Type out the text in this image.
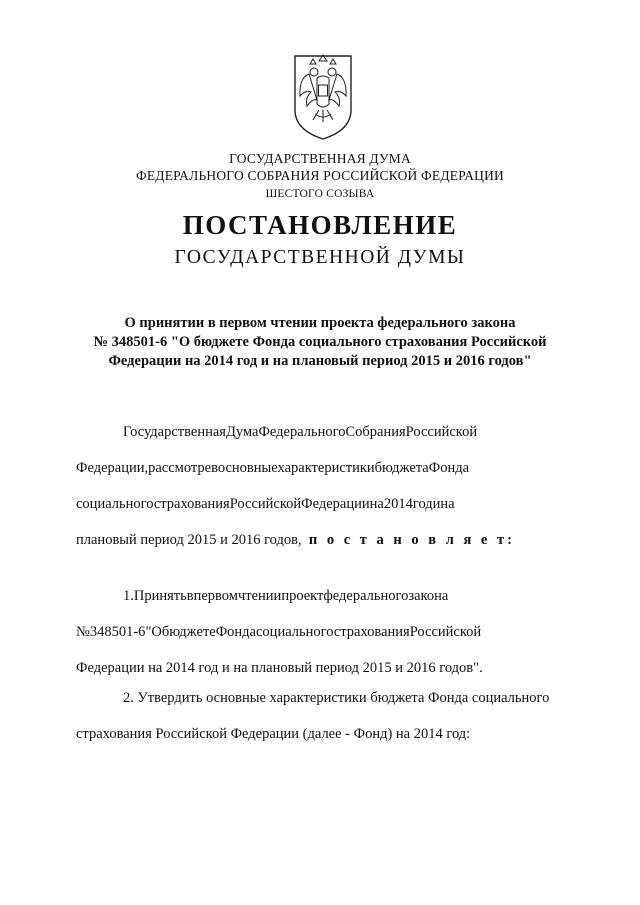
ГОСУДАРСТВЕННАЯ ДУМА
ФЕДЕРАЛЬНОГО СОБРАНИЯ РОССИЙСКОЙ ФЕДЕРАЦИИ
ШЕСТОГО СОЗЫВА
ПОСТАНОВЛЕНИЕ
ГОСУДАРСТВЕННОЙ ДУМЫ
О принятии в первом чтении проекта федерального закона
№ 348501-6 "О бюджете Фонда социального страхования Российской
Федерации на 2014 год и на плановый период 2015 и 2016 годов"
ГосударственнаяДумаФедеральногоСобранияРоссийской
Федерации,рассмотревосновныехарактеристикибюджетаФонда
социальногострахованияРоссийскойФедерациина2014година
плановый период 2015 и 2016 годов, п о с т а н о в л я е т:
1.Принятьвпервомчтениипроектфедеральногозакона
№348501-6"ОбюджетеФондасоциальногострахованияРоссийской
Федерации на 2014 год и на плановый период 2015 и 2016 годов".
2. Утвердить основные характеристики бюджета Фонда социального
страхования Российской Федерации (далее - Фонд) на 2014 год:
